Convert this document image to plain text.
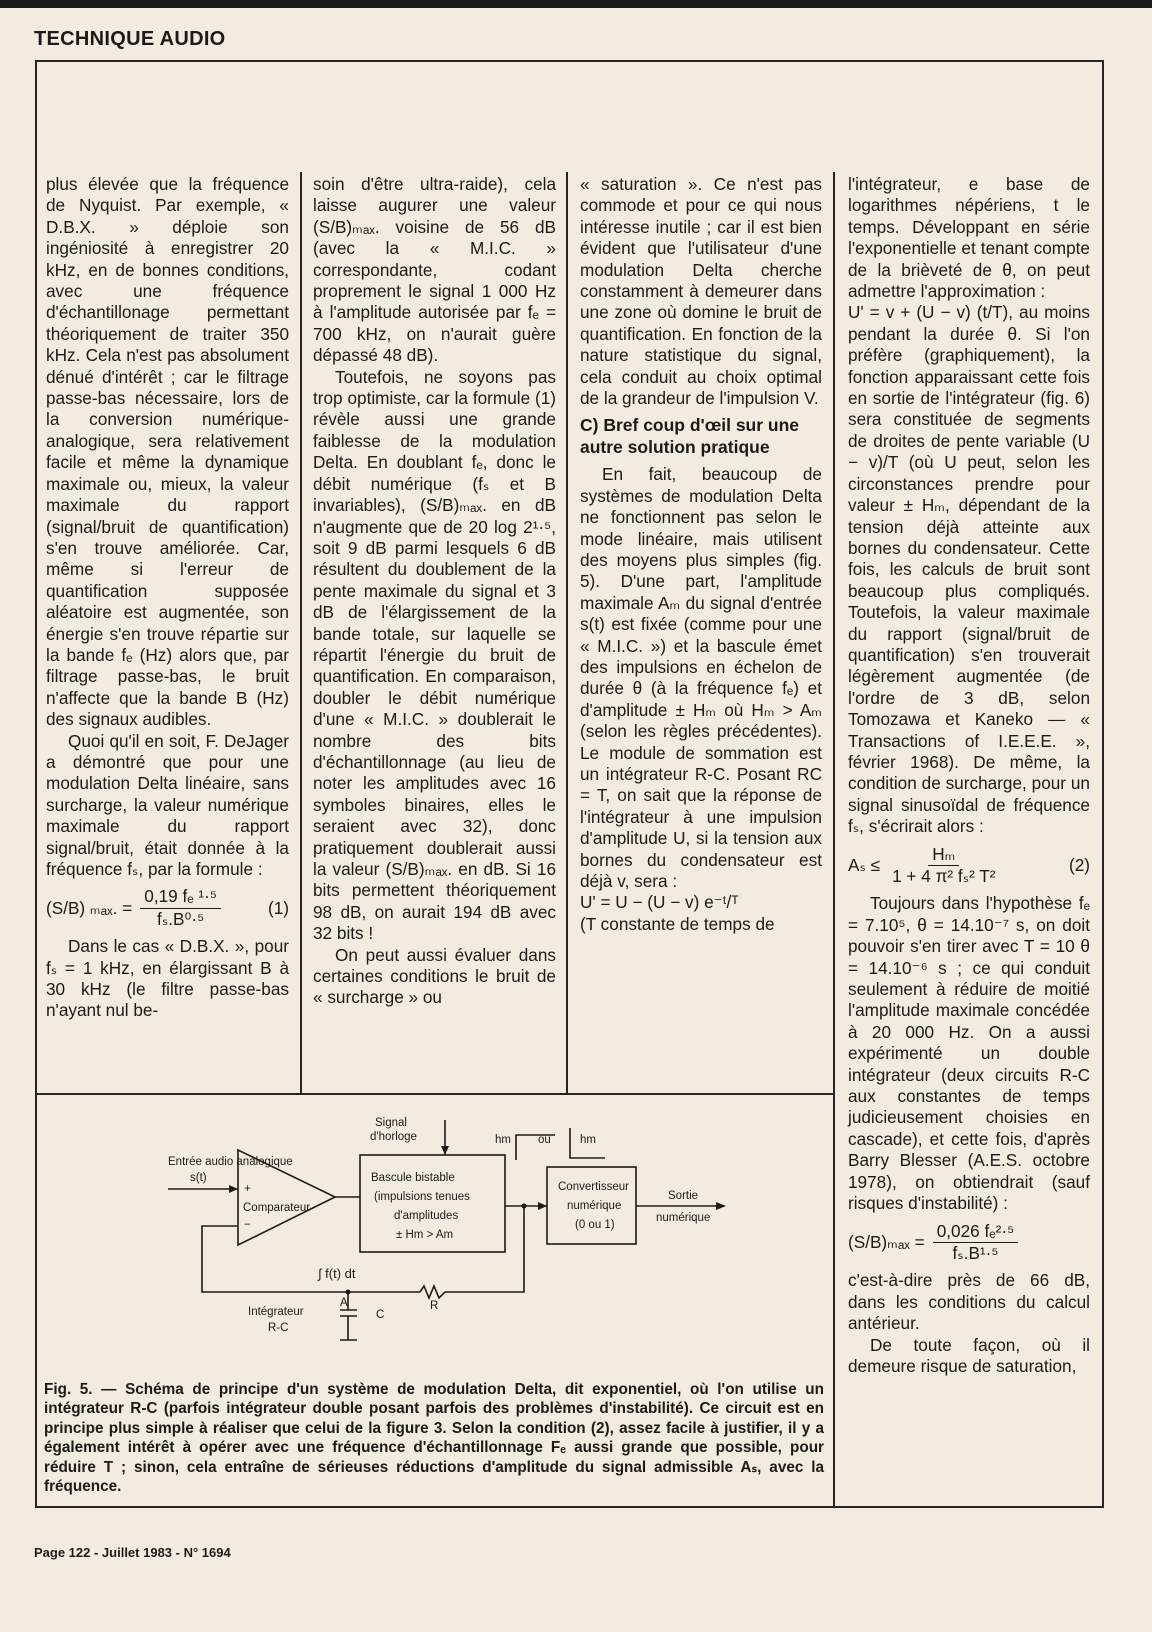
TECHNIQUE AUDIO

plus élevée que la fréquence de Nyquist. Par exemple, « D.B.X. » déploie son ingéniosité à enregistrer 20 kHz, en de bonnes conditions, avec une fréquence d'échantillonage permettant théoriquement de traiter 350 kHz. Cela n'est pas absolument dénué d'intérêt ; car le filtrage passe-bas nécessaire, lors de la conversion numérique-analogique, sera relativement facile et même la dynamique maximale ou, mieux, la valeur maximale du rapport (signal/bruit de quantification) s'en trouve améliorée. Car, même si l'erreur de quantification supposée aléatoire est augmentée, son énergie s'en trouve répartie sur la bande fₑ (Hz) alors que, par filtrage passe-bas, le bruit n'affecte que la bande B (Hz) des signaux audibles.

Quoi qu'il en soit, F. DeJager a démontré que pour une modulation Delta linéaire, sans surcharge, la valeur numérique maximale du rapport signal/bruit, était donnée à la fréquence fₛ, par la formule :

(S/B) ₘₐₓ. = $\frac{\text{0,19 fₑ ¹·⁵}}{\text{fₛ.B⁰·⁵}}$	(1)

Dans le cas « D.B.X. », pour fₛ = 1 kHz, en élargissant B à 30 kHz (le filtre passe-bas n'ayant nul be-

soin d'être ultra-raide), cela laisse augurer une valeur (S/B)ₘₐₓ. voisine de 56 dB (avec la « M.I.C. » correspondante, codant proprement le signal 1 000 Hz à l'amplitude autorisée par fₑ = 700 kHz, on n'aurait guère dépassé 48 dB).

Toutefois, ne soyons pas trop optimiste, car la formule (1) révèle aussi une grande faiblesse de la modulation Delta. En doublant fₑ, donc le débit numérique (fₛ et B invariables), (S/B)ₘₐₓ. en dB n'augmente que de 20 log 2¹·⁵, soit 9 dB parmi lesquels 6 dB résultent du doublement de la pente maximale du signal et 3 dB de l'élargissement de la bande totale, sur laquelle se répartit l'énergie du bruit de quantification. En comparaison, doubler le débit numérique d'une « M.I.C. » doublerait le nombre des bits d'échantillonnage (au lieu de noter les amplitudes avec 16 symboles binaires, elles le seraient avec 32), donc pratiquement doublerait aussi la valeur (S/B)ₘₐₓ. en dB. Si 16 bits permettent théoriquement 98 dB, on aurait 194 dB avec 32 bits !

On peut aussi évaluer dans certaines conditions le bruit de « surcharge » ou

« saturation ». Ce n'est pas commode et pour ce qui nous intéresse inutile ; car il est bien évident que l'utilisateur d'une modulation Delta cherche constamment à demeurer dans une zone où domine le bruit de quantification. En fonction de la nature statistique du signal, cela conduit au choix optimal de la grandeur de l'impulsion V.

C) Bref coup d'œil sur une autre solution pratique

En fait, beaucoup de systèmes de modulation Delta ne fonctionnent pas selon le mode linéaire, mais utilisent des moyens plus simples (fig. 5). D'une part, l'amplitude maximale Aₘ du signal d'entrée s(t) est fixée (comme pour une « M.I.C. ») et la bascule émet des impulsions en échelon de durée θ (à la fréquence fₑ) et d'amplitude ± Hₘ où Hₘ > Aₘ (selon les règles précédentes). Le module de sommation est un intégrateur R-C. Posant RC = T, on sait que la réponse de l'intégrateur à une impulsion d'amplitude U, si la tension aux bornes du condensateur est déjà v, sera :

U' = U − (U − v) e⁻ᵗ/ᵀ

(T constante de temps de

l'intégrateur, e base de logarithmes népériens, t le temps. Développant en série l'exponentielle et tenant compte de la brièveté de θ, on peut admettre l'approximation :

U' = v + (U − v) (t/T), au moins pendant la durée θ. Si l'on préfère (graphiquement), la fonction apparaissant cette fois en sortie de l'intégrateur (fig. 6) sera constituée de segments de droites de pente variable (U − v)/T (où U peut, selon les circonstances prendre pour valeur ± Hₘ, dépendant de la tension déjà atteinte aux bornes du condensateur. Cette fois, les calculs de bruit sont beaucoup plus compliqués. Toutefois, la valeur maximale du rapport (signal/bruit de quantification) s'en trouverait légèrement augmentée (de l'ordre de 3 dB, selon Tomozawa et Kaneko — « Transactions of I.E.E.E. », février 1968). De même, la condition de surcharge, pour un signal sinusoïdal de fréquence fₛ, s'écrirait alors :

$A_s \le \frac{\text{Hₘ}}{\text{1 + 4 π² fₛ² T²}}$	(2)

Toujours dans l'hypothèse fₑ = 7.10⁵, θ = 14.10⁻⁷ s, on doit pouvoir s'en tirer avec T = 10 θ = 14.10⁻⁶ s ; ce qui conduit seulement à réduire de moitié l'amplitude maximale concédée à 20 000 Hz. On a aussi expérimenté un double intégrateur (deux circuits R-C aux constantes de temps judicieusement choisies en cascade), et cette fois, d'après Barry Blesser (A.E.S. octobre 1978), on obtiendrait (sauf risques d'instabilité) :

$(S/B)_{max} = \frac{\text{0,026 fₑ²·⁵}}{\text{fₛ.B¹·⁵}}$

c'est-à-dire près de 66 dB, dans les conditions du calcul antérieur.

De toute façon, où il demeure risque de saturation,

Entrée audio analogique
s(t)
+
−
Comparateur
Signal
d'horloge	hm ou	hm
Bascule bistable
(impulsions tenues
d'amplitudes
± Hm > Am
Convertisseur
numérique
(0 ou 1)
Sortie
numérique
∫ f(t) dt
A
C
R
Intégrateur
R-C
Fig. 5. — Schéma de principe d'un système de modulation Delta, dit exponentiel, où l'on utilise un intégrateur R-C (parfois intégrateur double posant parfois des problèmes d'instabilité). Ce circuit est en principe plus simple à réaliser que celui de la figure 3. Selon la condition (2), assez facile à justifier, il y a également intérêt à opérer avec une fréquence d'échantillonnage Fₑ aussi grande que possible, pour réduire T ; sinon, cela entraîne de sérieuses réductions d'amplitude du signal admissible Aₛ, avec la fréquence.
Page 122 - Juillet 1983 - N° 1694
